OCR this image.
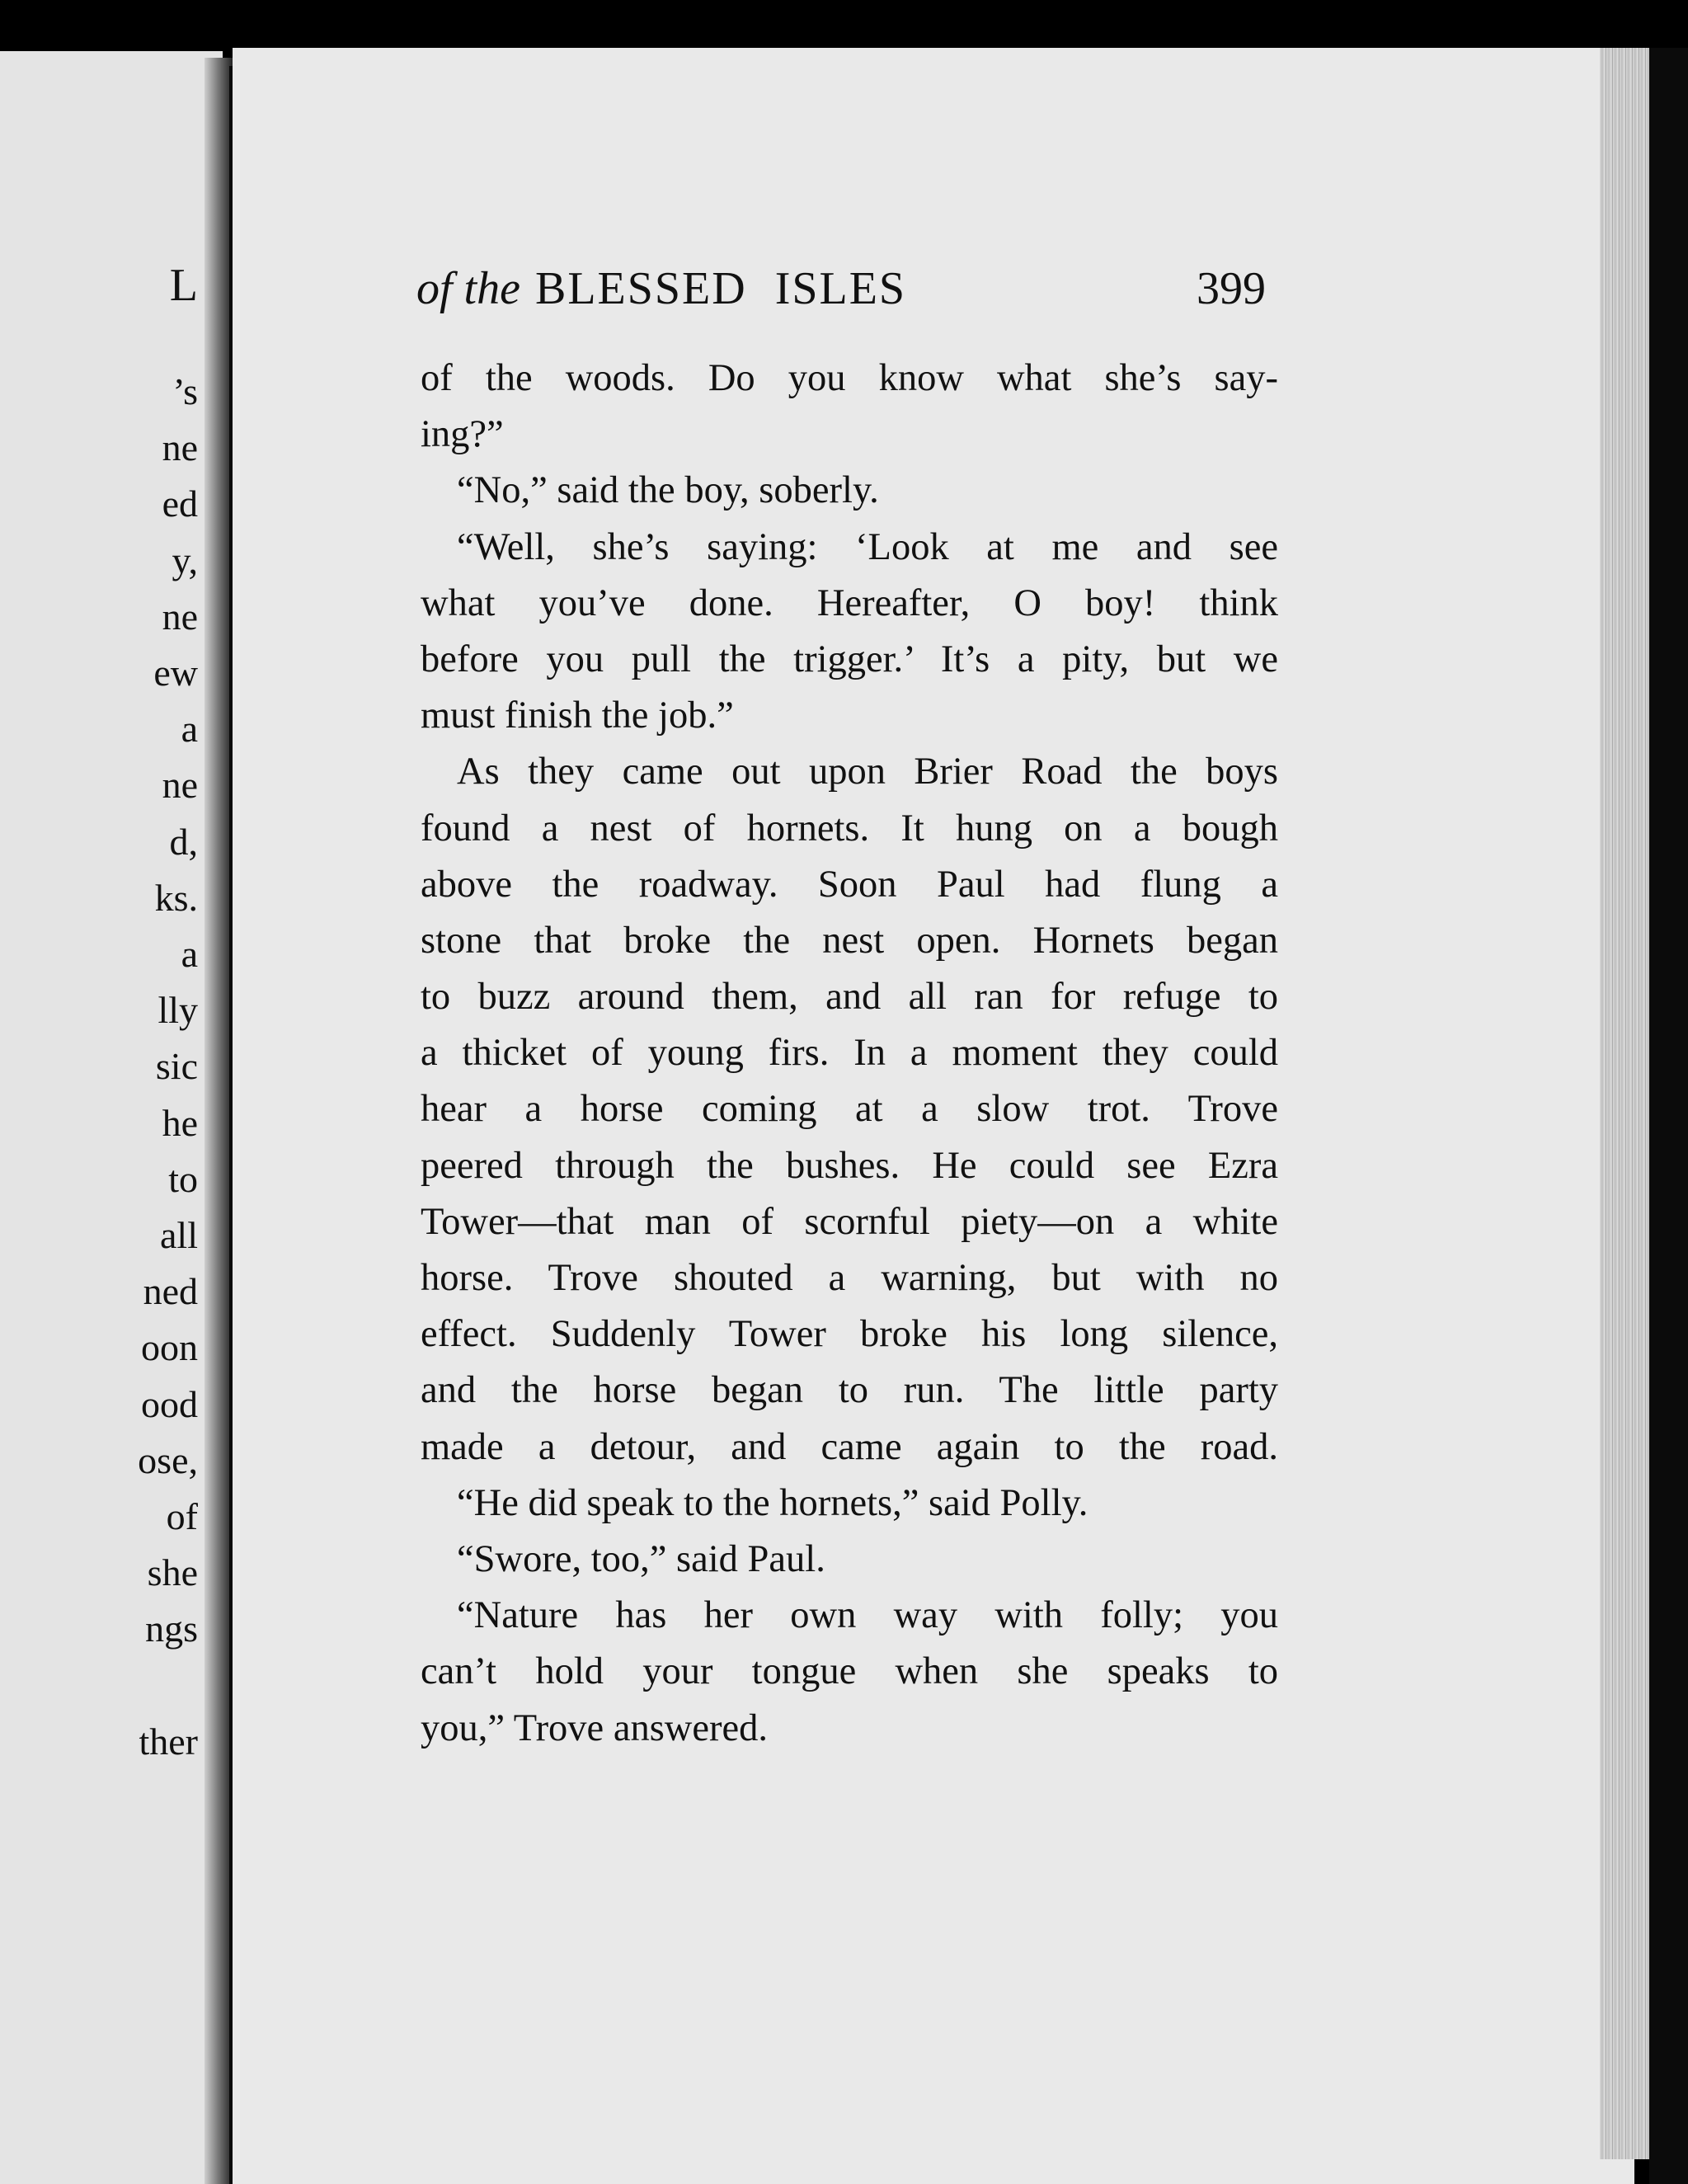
L
’s
ne
ed
y,
ne
ew
a
ne
d,
ks.
a
lly
sic
he
to
all
ned
oon
ood
ose,
of
she
ngs
ther
of the BLESSED ISLES	399
of the woods. Do you know what she’s say-
ing?”
“No,” said the boy, soberly.
“Well, she’s saying: ‘Look at me and see
what you’ve done. Hereafter, O boy! think
before you pull the trigger.’ It’s a pity, but we
must finish the job.”
As they came out upon Brier Road the boys
found a nest of hornets. It hung on a bough
above the roadway. Soon Paul had flung a
stone that broke the nest open. Hornets began
to buzz around them, and all ran for refuge to
a thicket of young firs. In a moment they could
hear a horse coming at a slow trot. Trove
peered through the bushes. He could see Ezra
Tower—that man of scornful piety—on a white
horse. Trove shouted a warning, but with no
effect. Suddenly Tower broke his long silence,
and the horse began to run. The little party
made a detour, and came again to the road.
“He did speak to the hornets,” said Polly.
“Swore, too,” said Paul.
“Nature has her own way with folly; you
can’t hold your tongue when she speaks to
you,” Trove answered.
